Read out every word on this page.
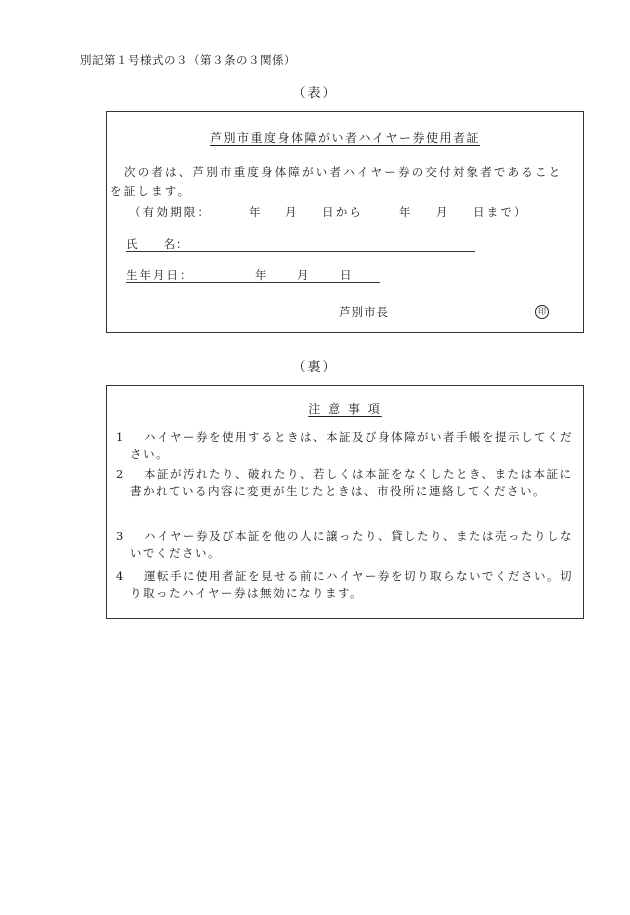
別記第１号様式の３（第３条の３関係）
（表）
芦別市重度身体障がい者ハイヤー券使用者証
次の者は、芦別市重度身体障がい者ハイヤー券の交付対象者であること
を証します。
（有効期限：	年 月 日から	年 月 日まで）
氏　　名：
生年月日：	年	月	日
芦別市長	印
（裏）
注 意 事 項
1	ハイヤー券を使用するときは、本証及び身体障がい者手帳を提示してください。
2	本証が汚れたり、破れたり、若しくは本証をなくしたとき、または本証に書かれている内容に変更が生じたときは、市役所に連絡してください。
3	ハイヤー券及び本証を他の人に譲ったり、貸したり、または売ったりしないでください。
4	運転手に使用者証を見せる前にハイヤー券を切り取らないでください。切り取ったハイヤー券は無効になります。
